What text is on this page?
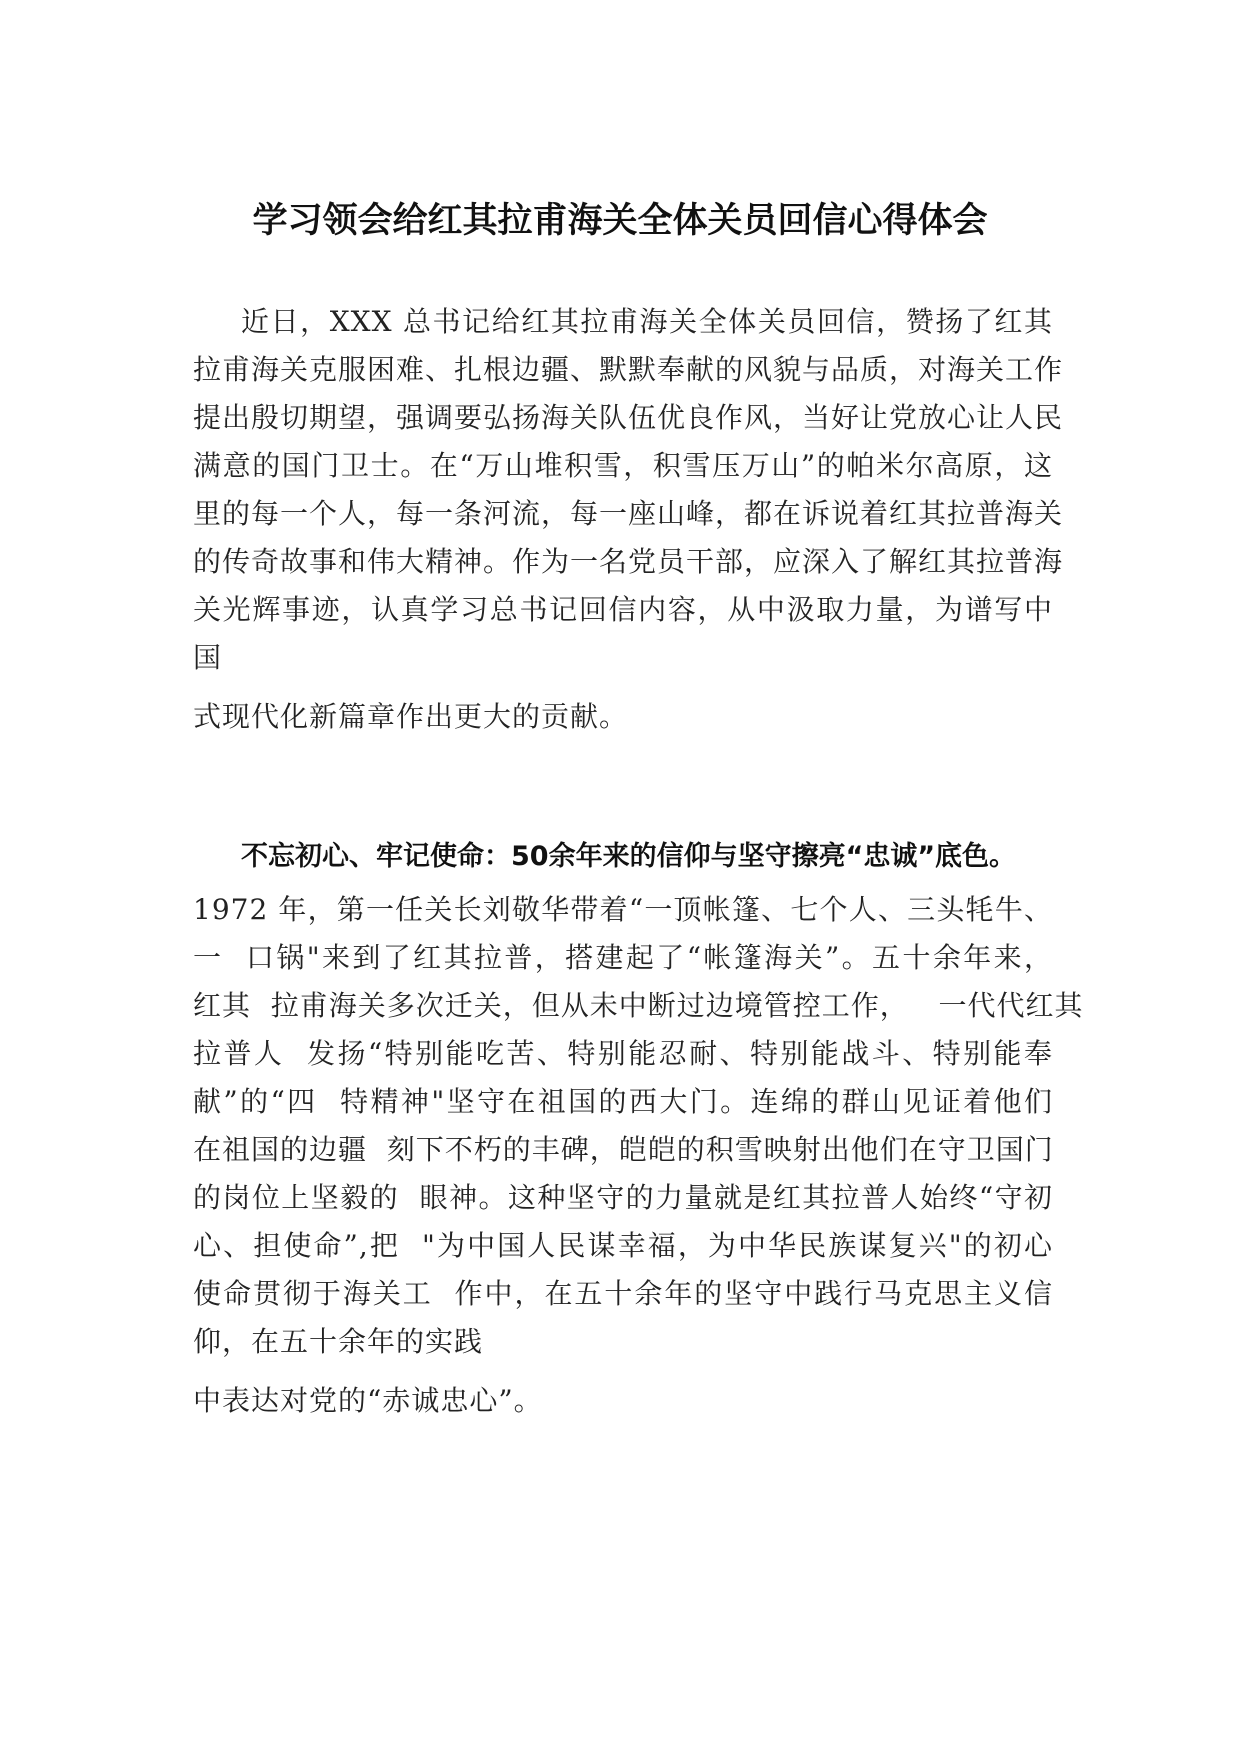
学习领会给红其拉甫海关全体关员回信心得体会

近日，XXX 总书记给红其拉甫海关全体关员回信，赞扬了红其

拉甫海关克服困难、扎根边疆、默默奉献的风貌与品质，对海关工作

提出殷切期望，强调要弘扬海关队伍优良作风，当好让党放心让人民

满意的国门卫士。在“万山堆积雪，积雪压万山”的帕米尔高原，这

里的每一个人，每一条河流，每一座山峰，都在诉说着红其拉普海关

的传奇故事和伟大精神。作为一名党员干部，应深入了解红其拉普海

关光辉事迹，认真学习总书记回信内容，从中汲取力量，为谱写中

国

式现代化新篇章作出更大的贡献。

不忘初心、牢记使命：50余年来的信仰与坚守擦亮“忠诚”底色。

1972 年，第一任关长刘敬华带着“一顶帐篷、七个人、三头牦牛、

一  口锅"来到了红其拉普，搭建起了“帐篷海关”。五十余年来，

红其  拉甫海关多次迁关，但从未中断过边境管控工作，   一代代红其

拉普人  发扬“特别能吃苦、特别能忍耐、特别能战斗、特别能奉

献”的“四  特精神"坚守在祖国的西大门。连绵的群山见证着他们

在祖国的边疆  刻下不朽的丰碑，皑皑的积雪映射出他们在守卫国门

的岗位上坚毅的  眼神。这种坚守的力量就是红其拉普人始终“守初

心、担使命”,把  "为中国人民谋幸福，为中华民族谋复兴"的初心

使命贯彻于海关工  作中，在五十余年的坚守中践行马克思主义信

仰，在五十余年的实践

中表达对党的“赤诚忠心”。
